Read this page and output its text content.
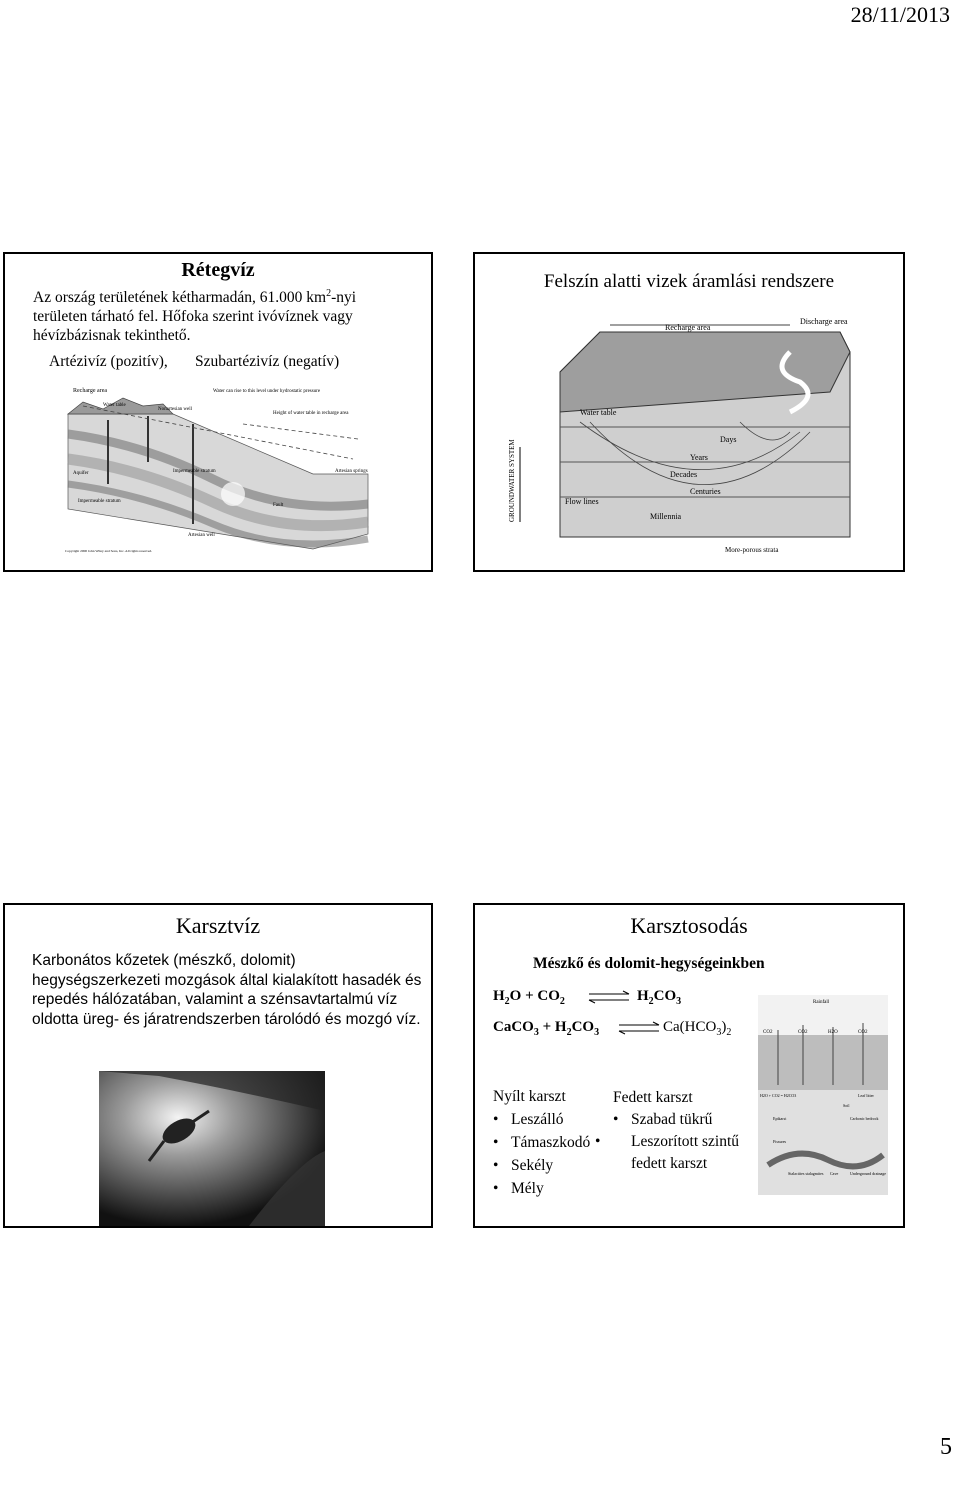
28/11/2013
Rétegvíz
Az ország területének kétharmadán, 61.000 $km^2$-nyi területen tárható fel. Hőfoka szerint ivóvíznek vagy hévízbázisnak tekinthető.
Artézivíz (pozitív), Szubartézivíz (negatív)
Recharge area
Water table
Nonartesian well
Water can rise to this level under hydrostatic pressure
Height of water table in recharge area
Aquifer	Impermeable stratum
Impermeable stratum
Artesian springs
Fault
Artesian well
Copyright 2000 John Wiley and Sons, Inc. All rights reserved.
Felszín alatti vizek áramlási rendszere
Recharge area
Discharge area
Water table
Days
Years
Decades
Centuries
Millennia
Flow lines
GROUNDWATER SYSTEM
More-porous strata
Karsztvíz
Karbonátos kőzetek (mészkő, dolomit) hegységszerkezeti mozgások által kialakított hasadék és repedés hálózatában, valamint a szénsavtartalmú víz oldotta üreg- és járatrendszerben tárolódó és mozgó víz.
Karsztosodás
Mészkő és dolomit-hegységeinkben
$H_2O + CO_2$ ⇌ $H_2CO_3$
CaCO$_3$ + $H_2CO_3$ ⇌ $Ca(HCO_3)_2$
Nyílt karszt
• Leszálló
• Támaszkodó
• Sekély
• Mély
Fedett karszt
• Szabad tükrű
• Leszorított szintű fedett karszt
Rainfall
CO2	CO2	H2O	CO2
H2O + CO2 = H2CO3	Leaf litter
Soil
Epikarst	Carbonic bedrock
Fissures
Stalactites stalagmites Cave	Underground drainage
5
